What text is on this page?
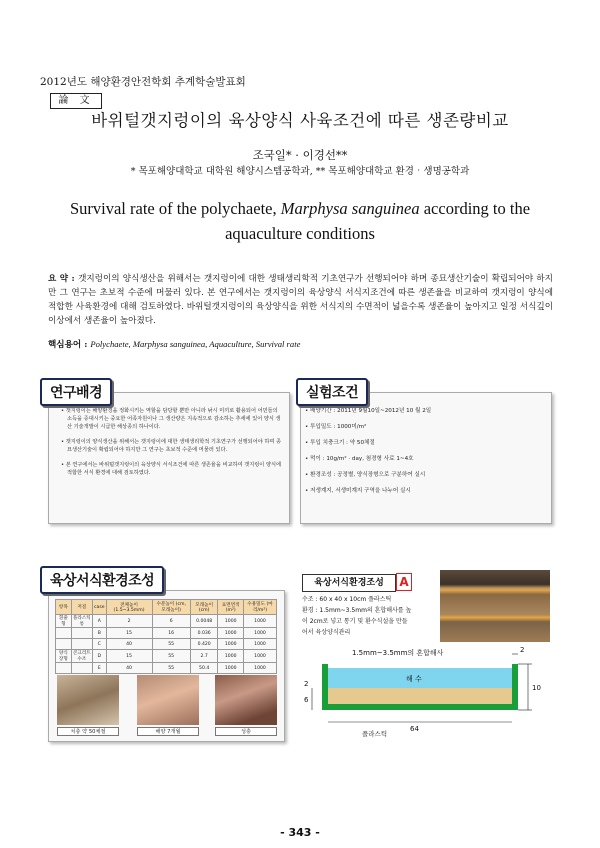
2012년도 해양환경안전학회 추계학술발표회
論 文
바위털갯지렁이의 육상양식 사육조건에 따른 생존량비교
조국일* · 이경선**
* 목포해양대학교 대학원 해양시스템공학과, ** 목포해양대학교 환경‧생명공학과
Survival rate of the polychaete, Marphysa sanguinea according to the aquaculture conditions
요 약 : 갯지렁이의 양식생산을 위해서는 갯지렁이에 대한 생태생리학적 기초연구가 선행되어야 하며 종묘생산기술이 확립되어야 하지만 그 연구는 초보적 수준에 머물러 있다. 본 연구에서는 갯지렁이의 육상양식 서식지조건에 따른 생존율을 비교하여 갯지렁이 양식에 적합한 사육환경에 대해 검토하였다. 바위털갯지렁이의 육상양식을 위한 서식지의 수면적이 넓을수록 생존율이 높아지고 일정 서식깊이 이상에서 생존율이 높아졌다.
핵심용어 : Polychaete, Marphysa sanguinea, Aquaculture, Survival rate

• 갯지렁이는 해양환경을 정화시키는 역할을 담당할 뿐만 아니라 낚시 미끼로 활용되어 어민들의 소득을 증대시키는 중요한 어족자원이나 그 생산량은 지속적으로 감소하는 추세에 있어 양식 생산 기술개발이 시급한 해상종의 하나이다.

• 갯지렁이의 양식생산을 위해서는 갯지렁이에 대한 생태생리학적 기초연구가 선행되어야 하며 종묘생산기술이 확립되어야 하지만 그 연구는 초보적 수준에 머물러 있다.

• 본 연구에서는 바위털갯지렁이의 육상양식 서식조건에 따른 생존율을 비교하여 갯지렁이 양식에 적합한 서식 환경에 대해 검토하였다.

연구배경

• 배양기간 : 2011년 9월10일~2012년 10 월 2일

• 투입밀도 : 1000미/m²

• 투입 치충크기 : 약 50체절

• 먹이 : 10g/m² · day, 첨경형 사료 1~4호

• 환경조성 : 공정별, 양식장형으로 구분하여 실시

• 저생계지, 서생미계지 구역을 나누어 실시

실험조건
항목	저질	case	전체높이 (1.5~3.5mm)	수분높이 (cm, 모래높이)	모래높이 (cm)	표면면적 (m²)	수용밀도 (마리/m²)
흰줄형	플라스틱 통	A	2	6	0.0048	1000	1000
		B	15	16	0.036	1000	1000
		C	40	55	0.420	1000	1000
양식장형	콘크리트수조	D	15	55	2.7	1000	1000
		E	40	55	50.4	1000	1000
치충 약 50체절	해양 7개월	성충
육상서식환경조성	육상서식환경조성	A
수조 : 60 x 40 x 10cm 플라스틱
환경 : 1.5mm~3.5mm의 혼합해사를 높
이 2cm로 넣고 통기 및 환수식설을 만들
어서 육상양식관리
1.5mm~3.5mm의 혼합해사
해 수
플라스틱
2
2
6
10
64
- 343 -
